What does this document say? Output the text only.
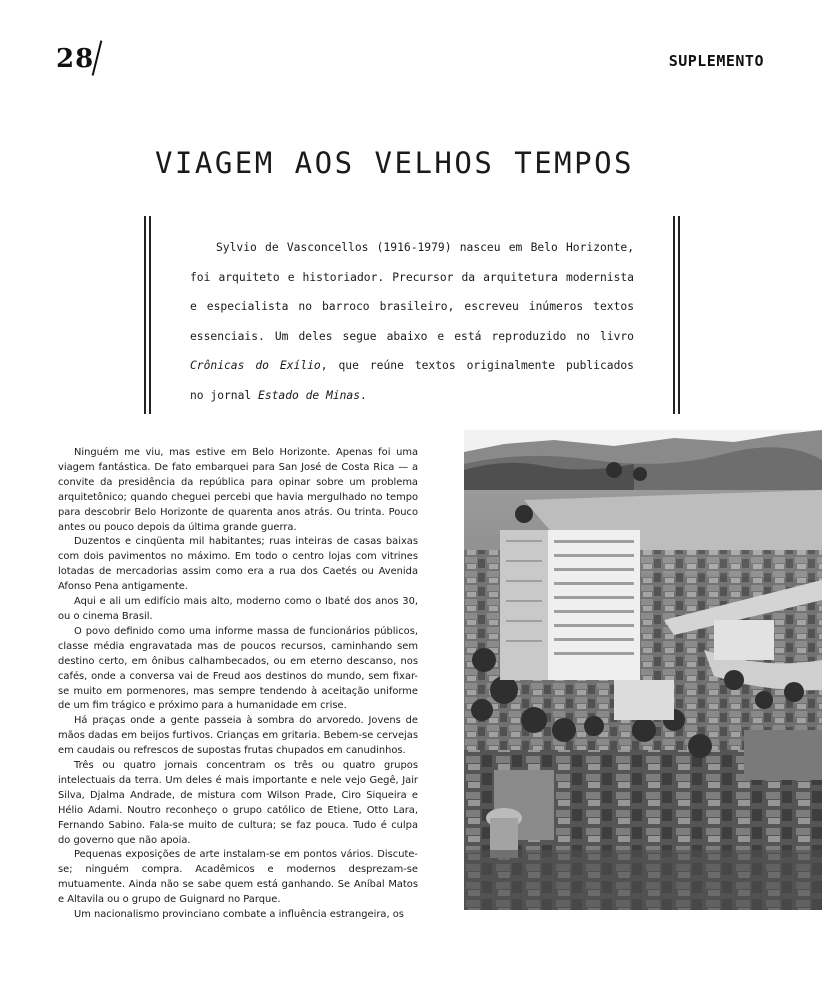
28	SUPLEMENTO
VIAGEM AOS VELHOS TEMPOS
Sylvio de Vasconcellos (1916-1979) nasceu em Belo Horizonte,
foi arquiteto e historiador. Precursor da arquitetura modernista
e especialista no barroco brasileiro, escreveu inúmeros textos
essenciais. Um deles segue abaixo e está reproduzido no livro
Crônicas do Exílio, que reúne textos originalmente publicados
no jornal Estado de Minas.

Ninguém me viu, mas estive em Belo Horizonte. Apenas foi uma viagem fantástica. De fato embarquei para San José de Costa Rica — a convite da presidência da república para opinar sobre um problema arquitetônico; quando cheguei percebi que havia mergulhado no tempo para descobrir Belo Horizonte de quarenta anos atrás. Ou trinta. Pouco antes ou pouco depois da última grande guerra.

Duzentos e cinqüenta mil habitantes; ruas inteiras de casas baixas com dois pavimentos no máximo. Em todo o centro lojas com vitrines lotadas de mercadorias assim como era a rua dos Caetés ou Avenida Afonso Pena antigamente.

Aqui e ali um edifício mais alto, moderno como o Ibaté dos anos 30, ou o cinema Brasil.

O povo definido como uma informe massa de funcionários públicos, classe média engravatada mas de poucos recursos, caminhando sem destino certo, em ônibus calhambecados, ou em eterno descanso, nos cafés, onde a conversa vai de Freud aos destinos do mundo, sem fixar-se muito em pormenores, mas sempre tendendo à aceitação uniforme de um fim trágico e próximo para a humanidade em crise.

Há praças onde a gente passeia à sombra do arvoredo. Jovens de mãos dadas em beijos furtivos. Crianças em gritaria. Bebem-se cervejas em caudais ou refrescos de supostas frutas chupados em canudinhos.

Três ou quatro jornais concentram os três ou quatro grupos intelectuais da terra. Um deles é mais importante e nele vejo Gegê, Jair Silva, Djalma Andrade, de mistura com Wilson Prade, Ciro Siqueira e Hélio Adami. Noutro reconheço o grupo católico de Etiene, Otto Lara, Fernando Sabino. Fala-se muito de cultura; se faz pouca. Tudo é culpa do governo que não apoia.

Pequenas exposições de arte instalam-se em pontos vários. Discute-se; ninguém compra. Acadêmicos e modernos desprezam-se mutuamente. Ainda não se sabe quem está ganhando. Se Aníbal Matos e Altavila ou o grupo de Guignard no Parque.

Um nacionalismo provinciano combate a influência estrangeira, os
